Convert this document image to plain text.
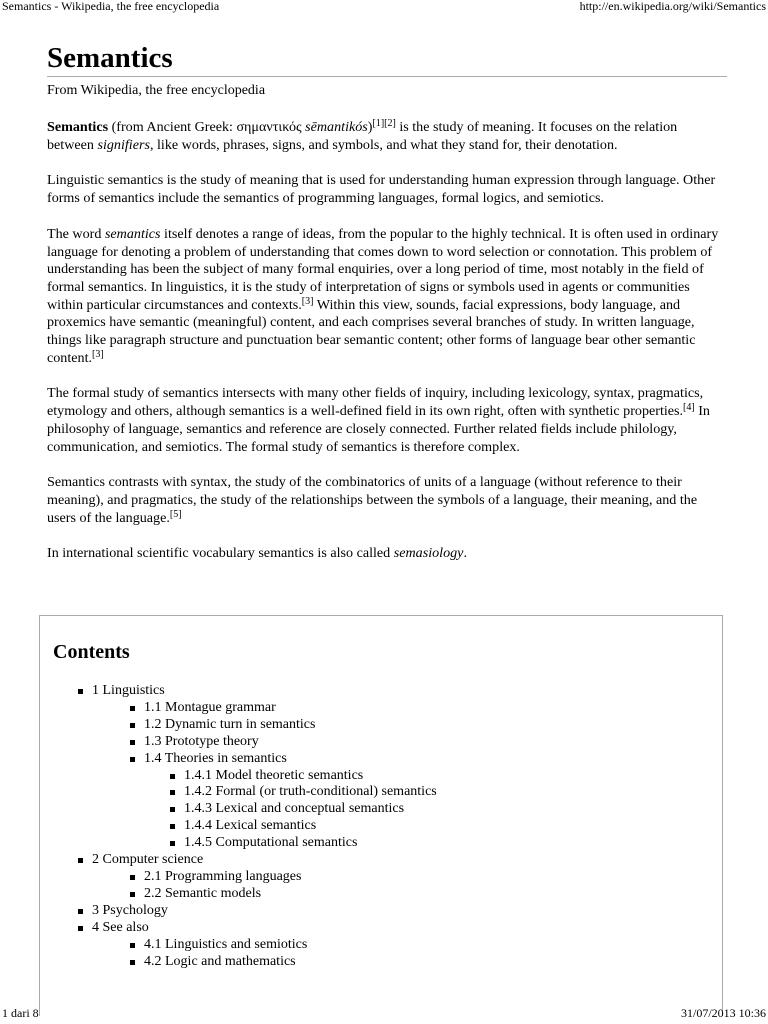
Semantics - Wikipedia, the free encyclopedia	http://en.wikipedia.org/wiki/Semantics
Semantics
From Wikipedia, the free encyclopedia

Semantics (from Ancient Greek: σημαντικός sēmantikós)[1][2] is the study of meaning. It focuses on the relation between signifiers, like words, phrases, signs, and symbols, and what they stand for, their denotation.

Linguistic semantics is the study of meaning that is used for understanding human expression through language. Other forms of semantics include the semantics of programming languages, formal logics, and semiotics.

The word semantics itself denotes a range of ideas, from the popular to the highly technical. It is often used in ordinary language for denoting a problem of understanding that comes down to word selection or connotation. This problem of understanding has been the subject of many formal enquiries, over a long period of time, most notably in the field of formal semantics. In linguistics, it is the study of interpretation of signs or symbols used in agents or communities within particular circumstances and contexts.[3] Within this view, sounds, facial expressions, body language, and proxemics have semantic (meaningful) content, and each comprises several branches of study. In written language, things like paragraph structure and punctuation bear semantic content; other forms of language bear other semantic content.[3]

The formal study of semantics intersects with many other fields of inquiry, including lexicology, syntax, pragmatics, etymology and others, although semantics is a well-defined field in its own right, often with synthetic properties.[4] In philosophy of language, semantics and reference are closely connected. Further related fields include philology, communication, and semiotics. The formal study of semantics is therefore complex.

Semantics contrasts with syntax, the study of the combinatorics of units of a language (without reference to their meaning), and pragmatics, the study of the relationships between the symbols of a language, their meaning, and the users of the language.[5]

In international scientific vocabulary semantics is also called semasiology.

Contents
1 Linguistics
1.1 Montague grammar
1.2 Dynamic turn in semantics
1.3 Prototype theory
1.4 Theories in semantics
1.4.1 Model theoretic semantics
1.4.2 Formal (or truth-conditional) semantics
1.4.3 Lexical and conceptual semantics
1.4.4 Lexical semantics
1.4.5 Computational semantics
2 Computer science
2.1 Programming languages
2.2 Semantic models
3 Psychology
4 See also
4.1 Linguistics and semiotics
4.2 Logic and mathematics
1 dari 8	31/07/2013 10:36
